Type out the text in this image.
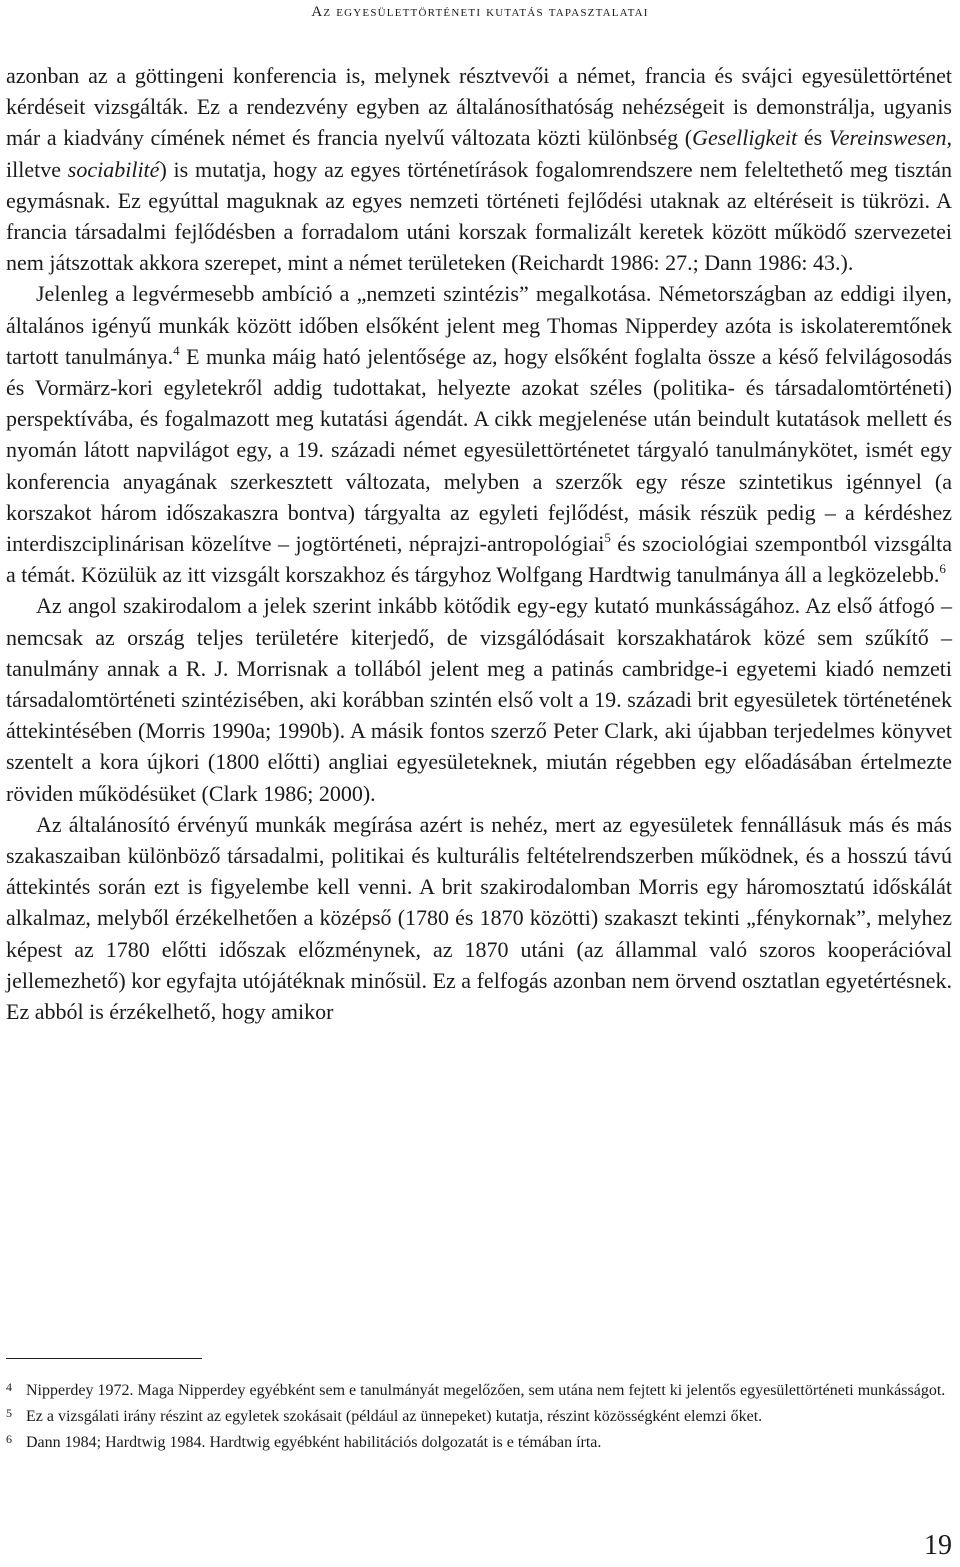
Az egyesülettörténeti kutatás tapasztalatai

azonban az a göttingeni konferencia is, melynek résztvevői a német, francia és svájci egyesülettörténet kérdéseit vizsgálták. Ez a rendezvény egyben az általánosíthatóság nehézségeit is demonstrálja, ugyanis már a kiadvány címének német és francia nyelvű változata közti különbség (Geselligkeit és Vereinswesen, illetve sociabilité) is mutatja, hogy az egyes történetírások fogalomrendszere nem feleltethető meg tisztán egymásnak. Ez egyúttal maguknak az egyes nemzeti történeti fejlődési utaknak az eltéréseit is tükrözi. A francia társadalmi fejlődésben a forradalom utáni korszak formalizált keretek között működő szervezetei nem játszottak akkora szerepet, mint a német területeken (Reichardt 1986: 27.; Dann 1986: 43.).

Jelenleg a legvérmesebb ambíció a „nemzeti szintézis” megalkotása. Németországban az eddigi ilyen, általános igényű munkák között időben elsőként jelent meg Thomas Nipperdey azóta is iskolateremtőnek tartott tanulmánya.$^4$ E munka máig ható jelentősége az, hogy elsőként foglalta össze a késő felvilágosodás és Vormärz-kori egyletekről addig tudottakat, helyezte azokat széles (politika- és társadalomtörténeti) perspektívába, és fogalmazott meg kutatási ágendát. A cikk megjelenése után beindult kutatások mellett és nyomán látott napvilágot egy, a 19. századi német egyesülettörténetet tárgyaló tanulmánykötet, ismét egy konferencia anyagának szerkesztett változata, melyben a szerzők egy része szintetikus igénnyel (a korszakot három időszakaszra bontva) tárgyalta az egyleti fejlődést, másik részük pedig – a kérdéshez interdiszciplinárisan közelítve – jogtörténeti, néprajzi-antropológiai$^5$ és szociológiai szempontból vizsgálta a témát. Közülük az itt vizsgált korszakhoz és tárgyhoz Wolfgang Hardtwig tanulmánya áll a legközelebb.$^6$

Az angol szakirodalom a jelek szerint inkább kötődik egy-egy kutató munkásságához. Az első átfogó – nemcsak az ország teljes területére kiterjedő, de vizsgálódásait korszakhatárok közé sem szűkítő – tanulmány annak a R. J. Morrisnak a tollából jelent meg a patinás cambridge-i egyetemi kiadó nemzeti társadalomtörténeti szintézisében, aki korábban szintén első volt a 19. századi brit egyesületek történetének áttekintésében (Morris 1990a; 1990b). A másik fontos szerző Peter Clark, aki újabban terjedelmes könyvet szentelt a kora újkori (1800 előtti) angliai egyesületeknek, miután régebben egy előadásában értelmezte röviden működésüket (Clark 1986; 2000).

Az általánosító érvényű munkák megírása azért is nehéz, mert az egyesületek fennállásuk más és más szakaszaiban különböző társadalmi, politikai és kulturális feltételrendszerben működnek, és a hosszú távú áttekintés során ezt is figyelembe kell venni. A brit szakirodalomban Morris egy háromosztatú időskálát alkalmaz, melyből érzékelhetően a középső (1780 és 1870 közötti) szakaszt tekinti „fénykornak”, melyhez képest az 1780 előtti időszak előzménynek, az 1870 utáni (az állammal való szoros kooperációval jellemezhető) kor egyfajta utójátéknak minősül. Ez a felfogás azonban nem örvend osztatlan egyetértésnek. Ez abból is érzékelhető, hogy amikor

4 Nipperdey 1972. Maga Nipperdey egyébként sem e tanulmányát megelőzően, sem utána nem fejtett ki jelentős egyesülettörténeti munkásságot.

5 Ez a vizsgálati irány részint az egyletek szokásait (például az ünnepeket) kutatja, részint közösségként elemzi őket.

6 Dann 1984; Hardtwig 1984. Hardtwig egyébként habilitációs dolgozatát is e témában írta.

19
